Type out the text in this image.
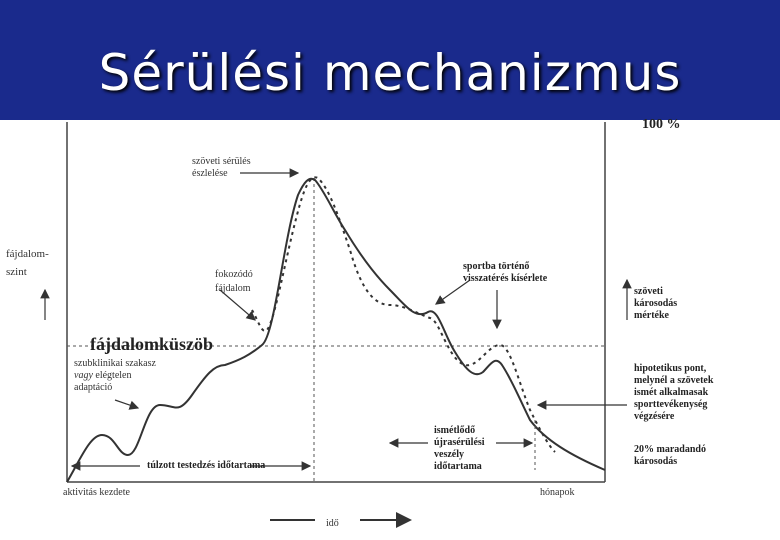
Sérülési mechanizmus
100 %
szöveti sérülés
észlelése
fájdalom-
szint	fokozódó
fájdalom
sportba történő
visszatérés kísérlete
szöveti
károsodás
mértéke
fájdalomküszöb
szubklinikai szakasz
vagy elégtelen
adaptáció
hipotetikus pont,
melynél a szövetek
ismét alkalmasak
sporttevékenység
végzésére
ismétlődő
újrasérülési
veszély
időtartama
20% maradandó
károsodás
túlzott testedzés időtartama
aktivitás kezdete	hónapok
idő
